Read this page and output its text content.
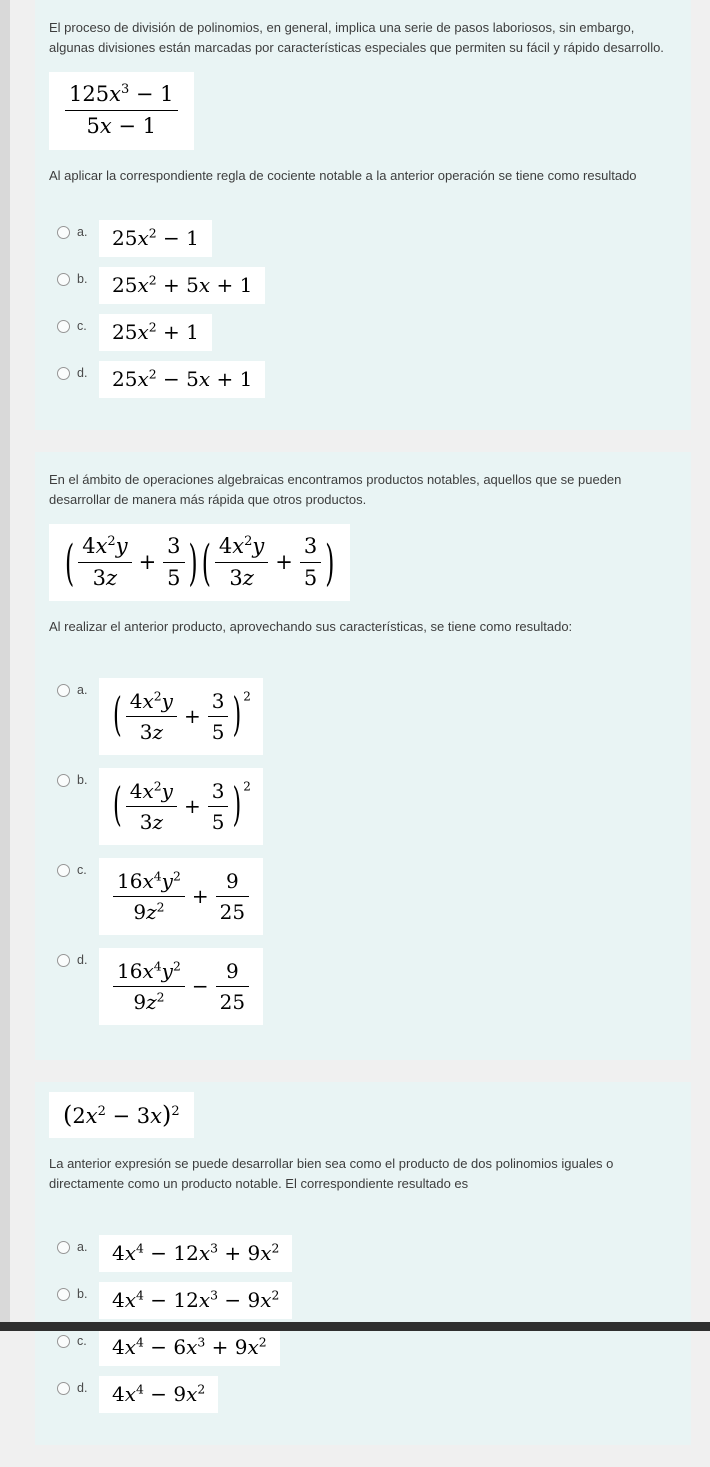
El proceso de división de polinomios, en general, implica una serie de pasos laboriosos, sin embargo, algunas divisiones están marcadas por características especiales que permiten su fácil y rápido desarrollo.

$\frac{125x^3 - 1}{5x - 1}$

Al aplicar la correspondiente regla de cociente notable a la anterior operación se tiene como resultado

a.	$25x^2 - 1$
b.	$25x^2 + 5x + 1$
c.	$25x^2 + 1$
d.	$25x^2 - 5x + 1$

En el ámbito de operaciones algebraicas encontramos productos notables, aquellos que se pueden desarrollar de manera más rápida que otros productos.

( $\frac{4x^2y}{3z} + \frac{3}{5}$ ) ( $\frac{4x^2y}{3z} + \frac{3}{5}$ )

Al realizar el anterior producto, aprovechando sus características, se tiene como resultado:

a.	( $\frac{4x^2y}{3z} + \frac{3}{5}$ ) $^2$
b.	( $\frac{4x^2y}{3z} + \frac{3}{5}$ ) $^2$
c. $\frac{16x^4y^2}{9z^2} + \frac{9}{25}$
d. $\frac{16x^4y^2}{9z^2} - \frac{9}{25}$
$(2x^2 - 3x)^2$

La anterior expresión se puede desarrollar bien sea como el producto de dos polinomios iguales o directamente como un producto notable. El correspondiente resultado es

a.	$4x^4 - 12x^3 + 9x^2$
b.	$4x^4 - 12x^3 - 9x^2$
c.	$4x^4 - 6x^3 + 9x^2$
d.	$4x^4 - 9x^2$
